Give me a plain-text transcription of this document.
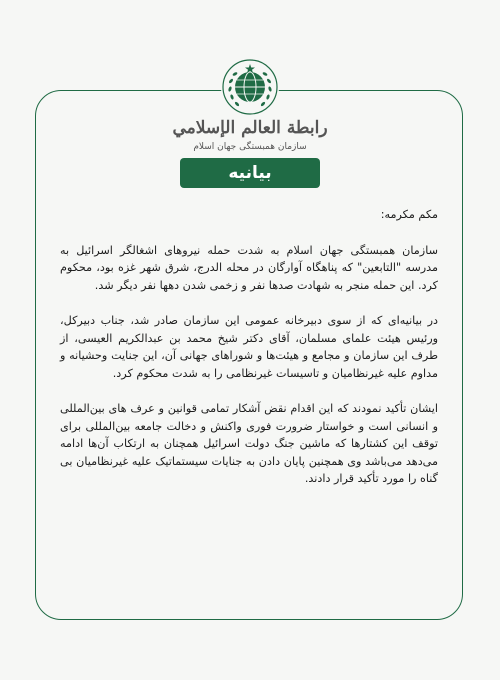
رابطة العالم الإسلامي
سازمان همبستگی جهان اسلام
بیانیه

مکم مکرمه:

سازمان همبستگی جهان اسلام به شدت حمله نیروهای اشغالگر اسرائیل به مدرسه "التابعین" که پناهگاه آوارگان در محله الدرج، شرق شهر غزه بود، محکوم کرد. این حمله منجر به شهادت صدها نفر و زخمی شدن دهها نفر دیگر شد.

در بیانیه‌ای که از سوی دبیرخانه عمومی این سازمان صادر شد، جناب دبیرکل، ورئیس هیئت علمای مسلمان، آقای دکتر شیخ محمد بن عبدالکریم العیسی، از طرف این سازمان و مجامع و هیئت‌ها و شوراهای جهانی آن، این جنایت وحشیانه و مداوم علیه غیرنظامیان و تاسیسات غیرنظامی را به شدت محکوم کرد.

ایشان تأکید نمودند که این اقدام نقض آشکار تمامی قوانین و عرف های بین‌المللی و انسانی است و خواستار ضرورت فوری واکنش و دخالت جامعه بین‌المللی برای توقف این کشتارها که ماشین جنگ دولت اسرائیل همچنان به ارتکاب آن‌ها ادامه می‌دهد می‌باشد وی همچنین پایان دادن به جنایات سیستماتیک علیه غیرنظامیان بی گناه را مورد تأکید قرار دادند.
